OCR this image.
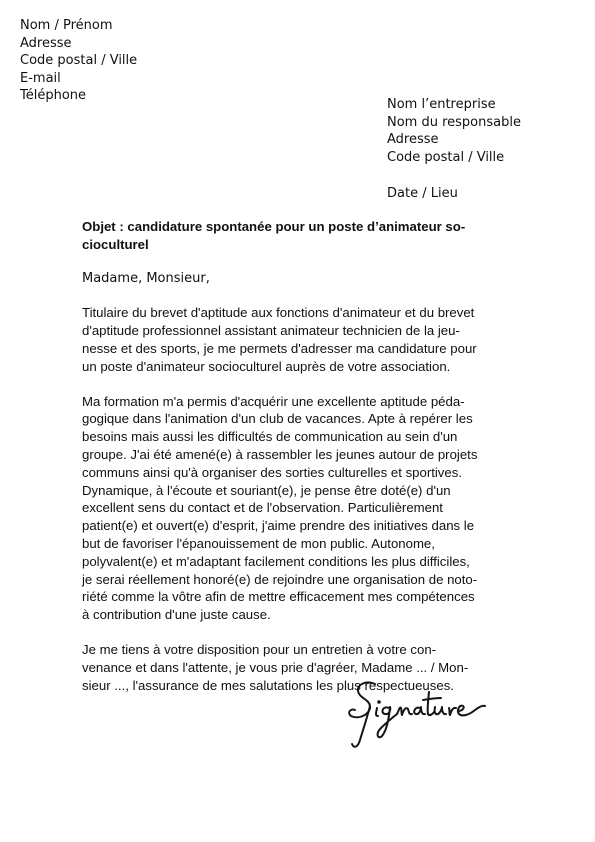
Nom / Prénom
Adresse
Code postal / Ville
E-mail
Téléphone
Nom l’entreprise
Nom du responsable
Adresse
Code postal / Ville
Date / Lieu

Objet : candidature spontanée pour un poste d’animateur so-
cioculturel

Madame, Monsieur,

Titulaire du brevet d'aptitude aux fonctions d'animateur et du brevet
d'aptitude professionnel assistant animateur technicien de la jeu-
nesse et des sports, je me permets d'adresser ma candidature pour
un poste d'animateur socioculturel auprès de votre association.

Ma formation m'a permis d'acquérir une excellente aptitude péda-
gogique dans l'animation d'un club de vacances. Apte à repérer les
besoins mais aussi les difficultés de communication au sein d'un
groupe. J'ai été amené(e) à rassembler les jeunes autour de projets
communs ainsi qu'à organiser des sorties culturelles et sportives.
Dynamique, à l'écoute et souriant(e), je pense être doté(e) d'un
excellent sens du contact et de l'observation. Particulièrement
patient(e) et ouvert(e) d'esprit, j'aime prendre des initiatives dans le
but de favoriser l'épanouissement de mon public. Autonome,
polyvalent(e) et m'adaptant facilement conditions les plus difficiles,
je serai réellement honoré(e) de rejoindre une organisation de noto-
riété comme la vôtre afin de mettre efficacement mes compétences
à contribution d'une juste cause.

Je me tiens à votre disposition pour un entretien à votre con-
venance et dans l'attente, je vous prie d'agréer, Madame ... / Mon-
sieur ..., l'assurance de mes salutations les plus respectueuses.
